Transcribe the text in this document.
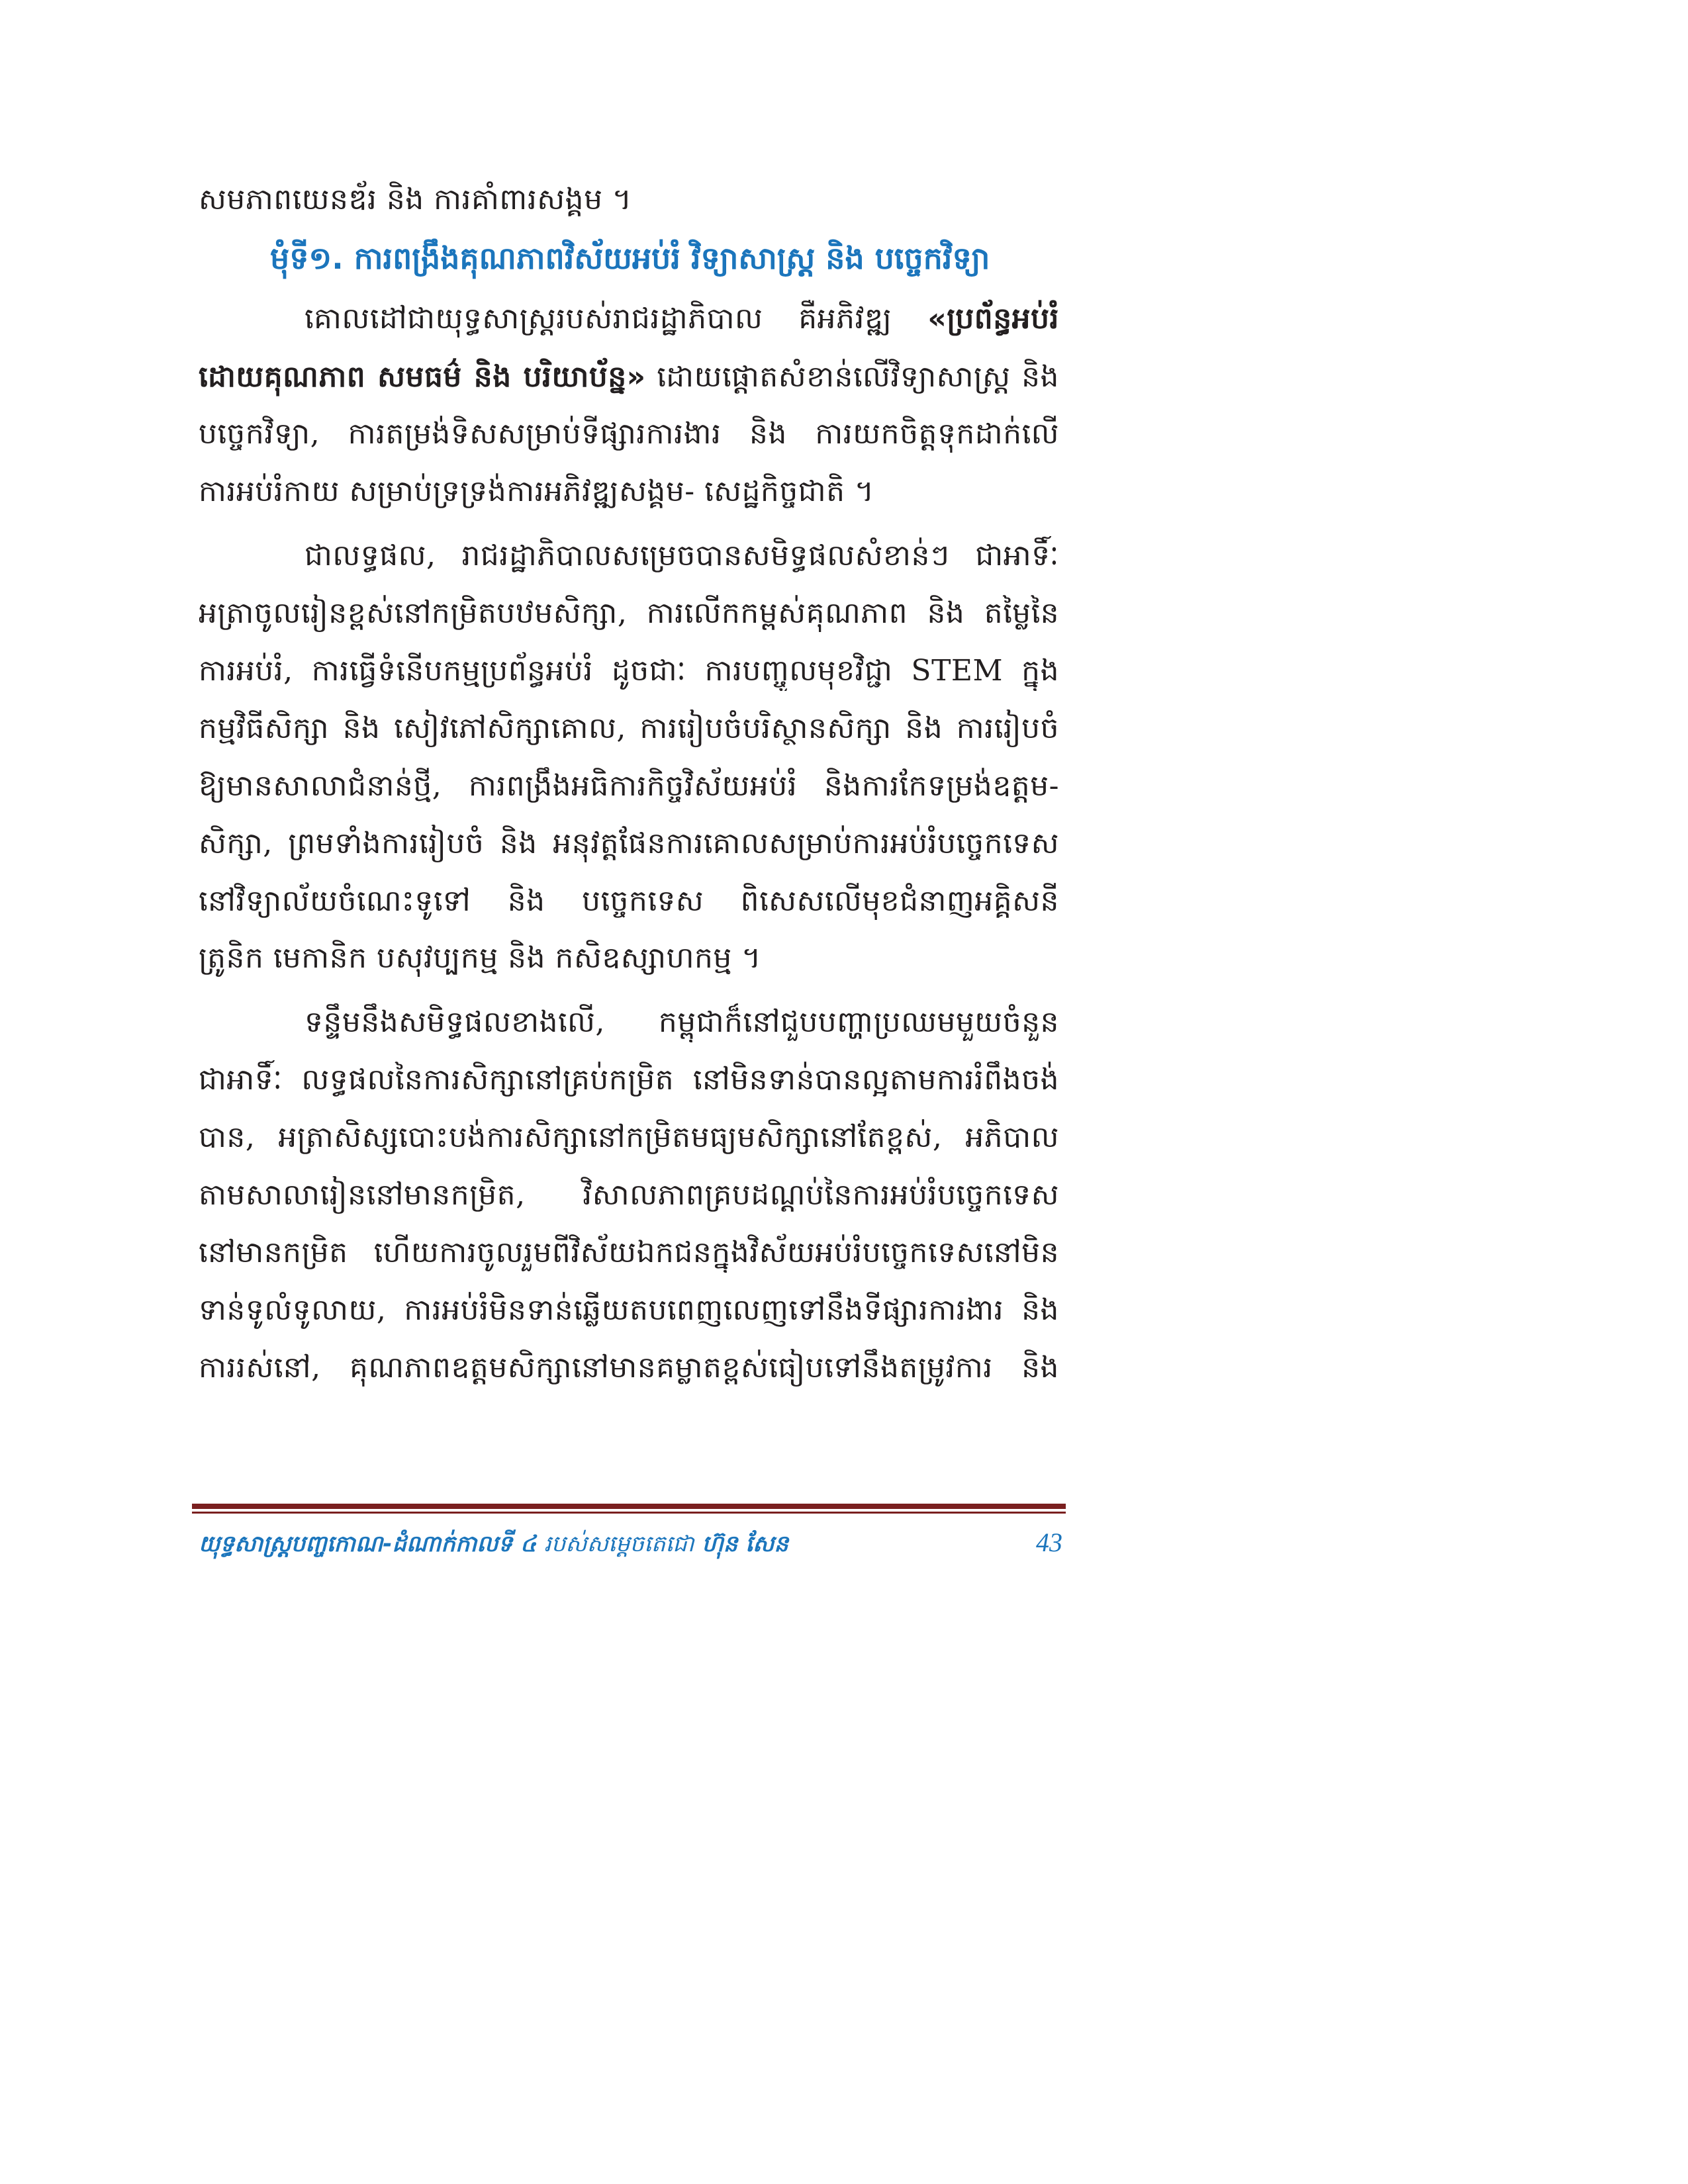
សមភាពយេនឌ័រ និង ការគាំពារសង្គម ។
មុំទី១. ការពង្រឹងគុណភាពវិស័យអប់រំ វិទ្យាសាស្ត្រ និង បច្ចេកវិទ្យា
គោលដៅជាយុទ្ធសាស្ត្ររបស់រាជរដ្ឋាភិបាល គឺអភិវឌ្ឍ «ប្រព័ន្ធអប់រំ
ដោយគុណភាព សមធម៌ និង បរិយាប័ន្ន» ដោយផ្តោតសំខាន់លើវិទ្យាសាស្ត្រ និង
បច្ចេកវិទ្យា, ការតម្រង់ទិសសម្រាប់ទីផ្សារការងារ និង ការយកចិត្តទុកដាក់លើ
ការអប់រំកាយ សម្រាប់ទ្រទ្រង់ការអភិវឌ្ឍសង្គម- សេដ្ឋកិច្ចជាតិ ។
ជាលទ្ធផល, រាជរដ្ឋាភិបាលសម្រេចបានសមិទ្ធផលសំខាន់ៗ ជាអាទិ៍ៈ
អត្រាចូលរៀនខ្ពស់នៅកម្រិតបឋមសិក្សា, ការលើកកម្ពស់គុណភាព និង តម្លៃនៃ
ការអប់រំ, ការធ្វើទំនើបកម្មប្រព័ន្ធអប់រំ ដូចជាៈ ការបញ្ចូលមុខវិជ្ជា STEM ក្នុង
កម្មវិធីសិក្សា និង សៀវភៅសិក្សាគោល, ការរៀបចំបរិស្ថានសិក្សា និង ការរៀបចំ
ឱ្យមានសាលាជំនាន់ថ្មី, ការពង្រឹងអធិការកិច្ចវិស័យអប់រំ និងការកែទម្រង់ឧត្តម-
សិក្សា, ព្រមទាំងការរៀបចំ និង អនុវត្តផែនការគោលសម្រាប់ការអប់រំបច្ចេកទេស
នៅវិទ្យាល័យចំណេះទូទៅ និង បច្ចេកទេស ពិសេសលើមុខជំនាញអគ្គិសនី
ត្រូនិក មេកានិក បសុវប្បកម្ម និង កសិឧស្សាហកម្ម ។
ទន្ទឹមនឹងសមិទ្ធផលខាងលើ, កម្ពុជាក៏នៅជួបបញ្ហាប្រឈមមួយចំនួន
ជាអាទិ៍ៈ លទ្ធផលនៃការសិក្សានៅគ្រប់កម្រិត នៅមិនទាន់បានល្អតាមការរំពឹងចង់
បាន, អត្រាសិស្សបោះបង់ការសិក្សានៅកម្រិតមធ្យមសិក្សានៅតែខ្ពស់, អភិបាល
តាមសាលារៀននៅមានកម្រិត, វិសាលភាពគ្របដណ្តប់នៃការអប់រំបច្ចេកទេស
នៅមានកម្រិត ហើយការចូលរួមពីវិស័យឯកជនក្នុងវិស័យអប់រំបច្ចេកទេសនៅមិន
ទាន់ទូលំទូលាយ, ការអប់រំមិនទាន់ឆ្លើយតបពេញលេញទៅនឹងទីផ្សារការងារ និង
ការរស់នៅ, គុណភាពឧត្តមសិក្សានៅមានគម្លាតខ្ពស់ធៀបទៅនឹងតម្រូវការ និង
យុទ្ធសាស្ត្របញ្ចកោណ-ដំណាក់កាលទី ៤ របស់សម្តេចតេជោ ហ៊ុន សែន	43
